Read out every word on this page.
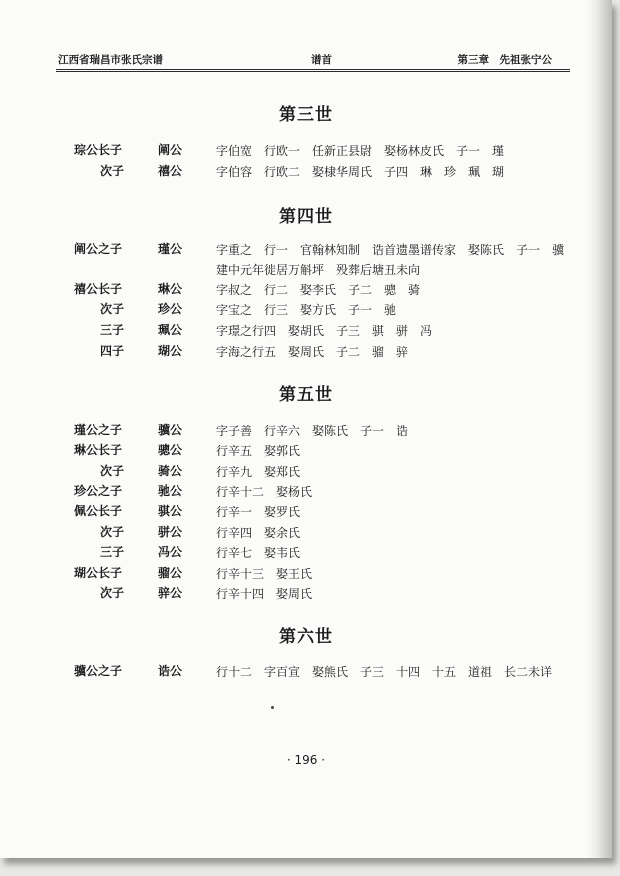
江西省瑞昌市张氏宗谱	谱首	第三章　先祖张宁公
第三世
琮公长子	阐公	字伯宽　行欧一　任新正县尉　娶杨林皮氏　子一　瑾
次子	禧公	字伯容　行欧二　娶棣华周氏　子四　琳　珍　珮　瑚
第四世
阐公之子	瑾公	字重之　行一　官翰林知制　诰首遗墨谱传家　娶陈氏　子一　骥　建中元年徙居万斛坪　殁葬后塘丑未向
禧公长子	琳公	字叔之　行二　娶李氏　子二　骢　骑
次子	珍公	字宝之　行三　娶方氏　子一　驰
三子	珮公	字璟之行四　娶胡氏　子三　骐　骈　冯
四子	瑚公	字海之行五　娶周氏　子二　骝　骍
第五世
瑾公之子	骥公	字子善　行辛六　娶陈氏　子一　诰
琳公长子	骢公	行辛五　娶郭氏
次子	骑公	行辛九　娶郑氏
珍公之子	驰公	行辛十二　娶杨氏
佩公长子	骐公	行辛一　娶罗氏
次子	骈公	行辛四　娶余氏
三子	冯公	行辛七　娶韦氏
瑚公长子	骝公	行辛十三　娶王氏
次子	骍公	行辛十四　娶周氏
第六世
骥公之子	诰公	行十二　字百宣　娶熊氏　子三　十四　十五　道祖　长二未详
· 196 ·
